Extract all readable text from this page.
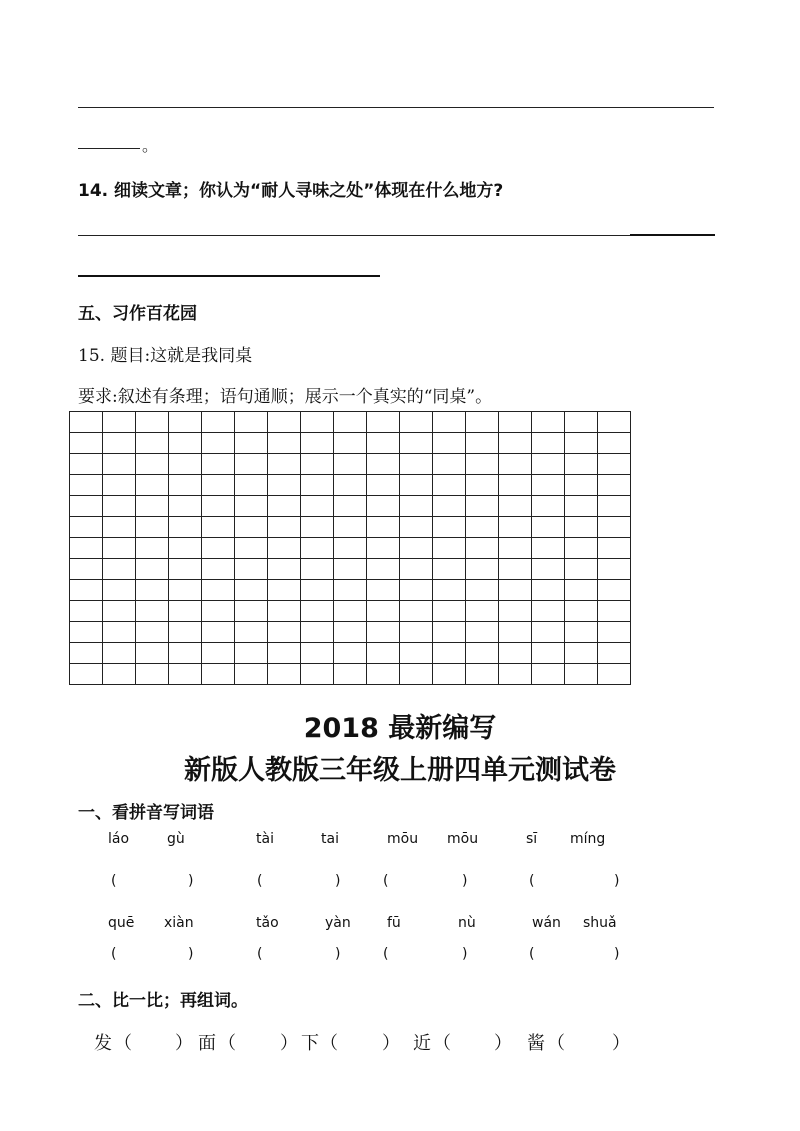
。
14. 细读文章；你认为“耐人寻味之处”体现在什么地方?
五、习作百花园
15. 题目:这就是我同桌
要求:叙述有条理；语句通顺；展示一个真实的“同桌”。

2018 最新编写
新版人教版三年级上册四单元测试卷
一、看拼音写词语
láo	gù	tài	tai	mōu mōu	sī míng
(	)	(	)	(	)	(	)
quē xiàn	tǎo	yàn	fū	nù	wán shuǎ
(	)	(	)	(	)	(	)
二、比一比；再组词。
发 （ ） 面 （ ） 下 （ ） 近 （ ） 酱 （	）
